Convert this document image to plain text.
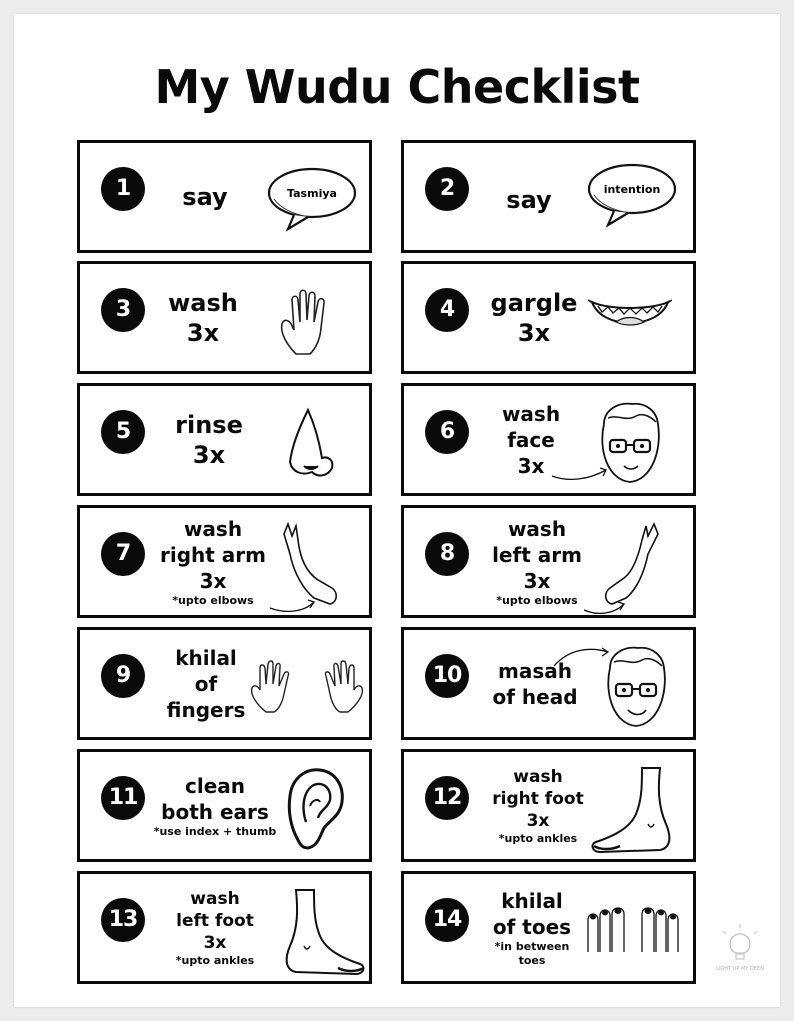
My Wudu Checklist
1	say	Tasmiya	2	say	intention
3	wash
3x
4	gargle
3x
5	rinse
3x
6
wash
face
3x
7
wash
right arm
3x
*upto elbows
8
wash
left arm
3x
*upto elbows
9
khilal
of
fingers
10	masah
of head
11	clean
both ears
*use index + thumb
12
wash
right foot
3x
*upto ankles
13
wash
left foot
3x
*upto ankles
14
khilal
of toes
*in between
toes
LIGHT UP MY DEEN
